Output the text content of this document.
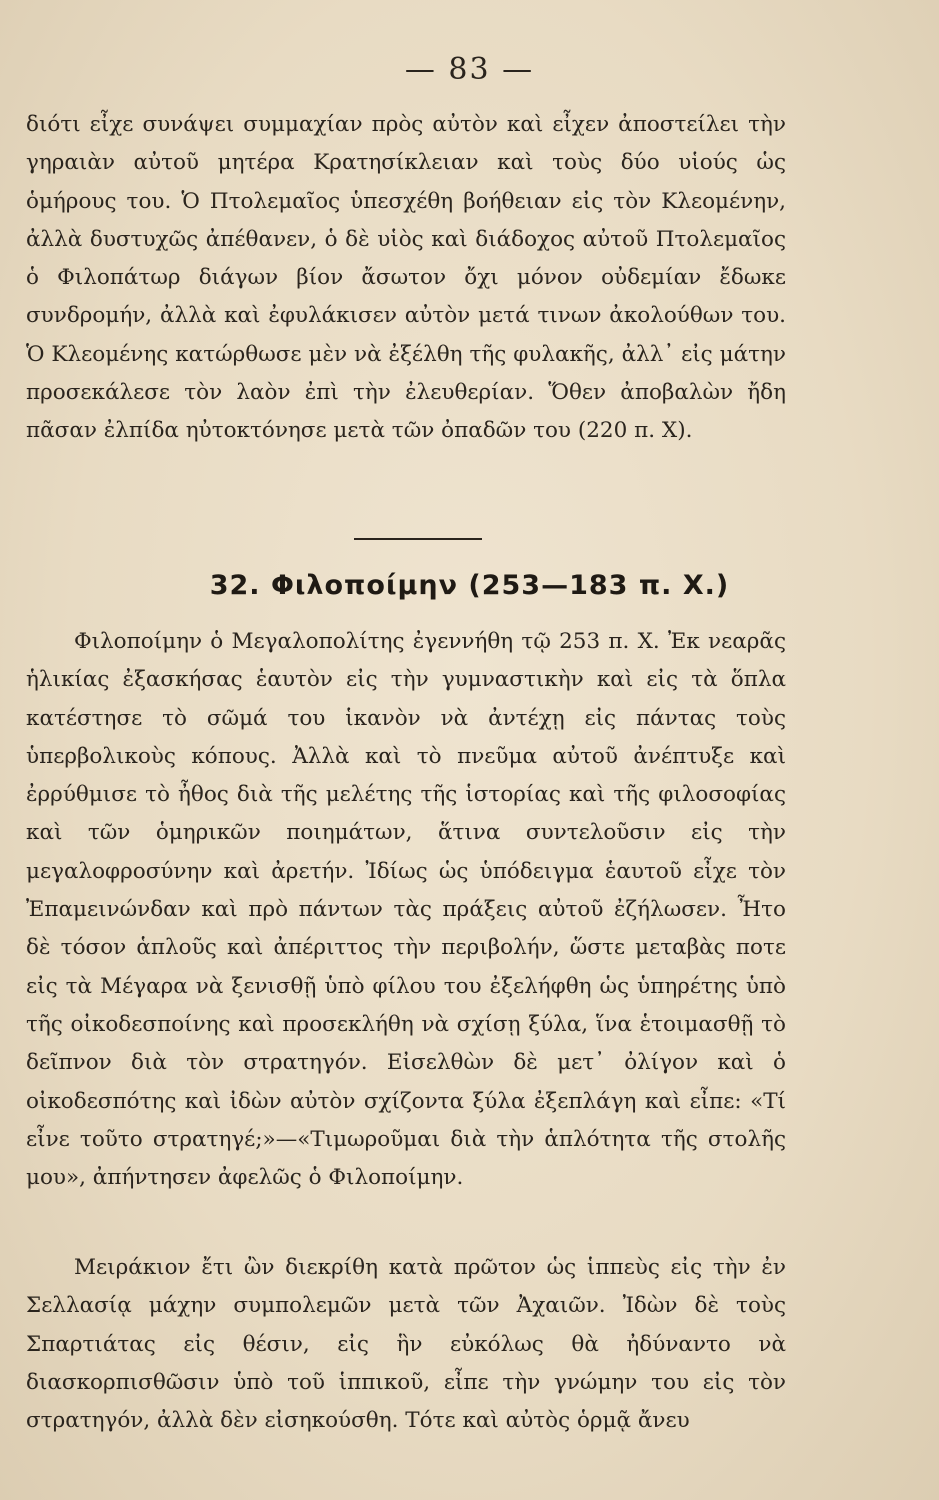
— 83 —
διότι εἶχε συνάψει συμμαχίαν πρὸς αὐτὸν καὶ εἶχεν ἀποστείλει τὴν γηραιὰν αὐτοῦ μητέρα Κρατησίκλειαν καὶ τοὺς δύο υἱούς ὡς ὁμήρους του. Ὁ Πτολεμαῖος ὑπεσχέθη βοήθειαν εἰς τὸν Κλεομένην, ἀλλὰ δυστυχῶς ἀπέθανεν, ὁ δὲ υἱὸς καὶ διάδοχος αὐτοῦ Πτολεμαῖος ὁ Φιλοπάτωρ διάγων βίον ἄσωτον ὄχι μόνον οὐδεμίαν ἔδωκε συνδρομήν, ἀλλὰ καὶ ἐφυλάκισεν αὐτὸν μετά τινων ἀκολούθων του. Ὁ Κλεομένης κατώρθωσε μὲν νὰ ἐξέλθη τῆς φυλακῆς, ἀλλ᾽ εἰς μάτην προσεκάλεσε τὸν λαὸν ἐπὶ τὴν ἐλευθερίαν. Ὅθεν ἀποβαλὼν ἤδη πᾶσαν ἐλπίδα ηὐτοκτόνησε μετὰ τῶν ὀπαδῶν του (220 π. Χ).
32. Φιλοποίμην (253—183 π. Χ.)
Φιλοποίμην ὁ Μεγαλοπολίτης ἐγεννήθη τῷ 253 π. Χ. Ἐκ νεαρᾶς ἡλικίας ἐξασκήσας ἑαυτὸν εἰς τὴν γυμναστικὴν καὶ εἰς τὰ ὅπλα κατέστησε τὸ σῶμά του ἱκανὸν νὰ ἀντέχῃ εἰς πάντας τοὺς ὑπερβολικοὺς κόπους. Ἀλλὰ καὶ τὸ πνεῦμα αὐτοῦ ἀνέπτυξε καὶ ἐρρύθμισε τὸ ἦθος διὰ τῆς μελέτης τῆς ἱστορίας καὶ τῆς φιλοσοφίας καὶ τῶν ὁμηρικῶν ποιημάτων, ἅτινα συντελοῦσιν εἰς τὴν μεγαλοφροσύνην καὶ ἀρετήν. Ἰδίως ὡς ὑπόδειγμα ἑαυτοῦ εἶχε τὸν Ἐπαμεινώνδαν καὶ πρὸ πάντων τὰς πράξεις αὐτοῦ ἐζήλωσεν. Ἦτο δὲ τόσον ἁπλοῦς καὶ ἀπέριττος τὴν περιβολήν, ὥστε μεταβὰς ποτε εἰς τὰ Μέγαρα νὰ ξενισθῇ ὑπὸ φίλου του ἐξελήφθη ὡς ὑπηρέτης ὑπὸ τῆς οἰκοδεσποίνης καὶ προσεκλήθη νὰ σχίσῃ ξύλα, ἵνα ἑτοιμασθῇ τὸ δεῖπνον διὰ τὸν στρατηγόν. Εἰσελθὼν δὲ μετ᾽ ὀλίγον καὶ ὁ οἰκοδεσπότης καὶ ἰδὼν αὐτὸν σχίζοντα ξύλα ἐξεπλάγη καὶ εἶπε: «Τί εἶνε τοῦτο στρατηγέ;»—«Τιμωροῦμαι διὰ τὴν ἁπλότητα τῆς στολῆς μου», ἀπήντησεν ἀφελῶς ὁ Φιλοποίμην.
Μειράκιον ἔτι ὢν διεκρίθη κατὰ πρῶτον ὡς ἱππεὺς εἰς τὴν ἐν Σελλασίᾳ μάχην συμπολεμῶν μετὰ τῶν Ἀχαιῶν. Ἰδὼν δὲ τοὺς Σπαρτιάτας εἰς θέσιν, εἰς ἣν εὐκόλως θὰ ἠδύναντο νὰ διασκορπισθῶσιν ὑπὸ τοῦ ἱππικοῦ, εἶπε τὴν γνώμην του εἰς τὸν στρατηγόν, ἀλλὰ δὲν εἰσηκούσθη. Τότε καὶ αὐτὸς ὁρμᾷ ἄνευ
